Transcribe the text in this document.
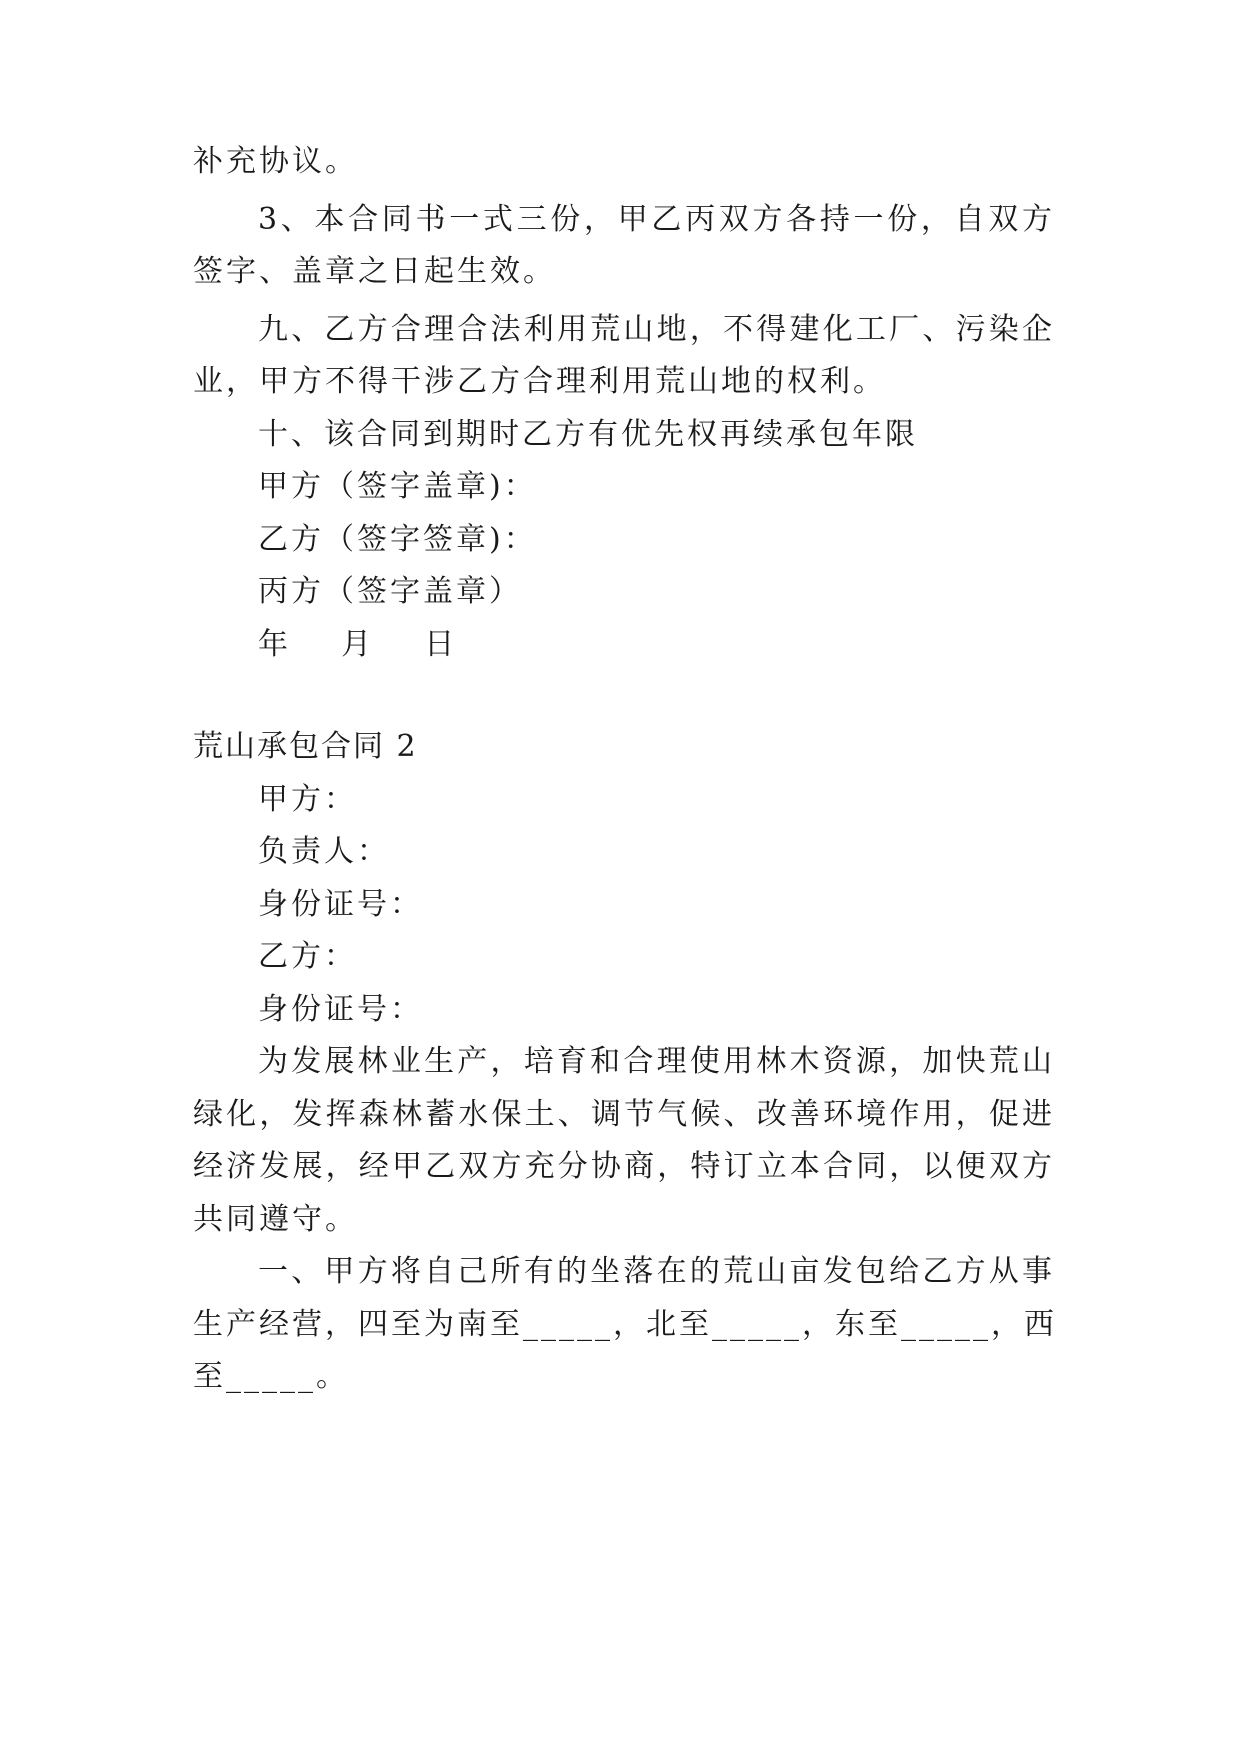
补充协议。
3、本合同书一式三份，甲乙丙双方各持一份，自双方
签字、盖章之日起生效。
九、乙方合理合法利用荒山地，不得建化工厂、污染企
业，甲方不得干涉乙方合理利用荒山地的权利。
十、该合同到期时乙方有优先权再续承包年限
甲方（签字盖章)：
乙方（签字签章)：
丙方（签字盖章）
年    月    日
荒山承包合同 2
甲方：
负责人：
身份证号：
乙方：
身份证号：
为发展林业生产，培育和合理使用林木资源，加快荒山
绿化，发挥森林蓄水保土、调节气候、改善环境作用，促进
经济发展，经甲乙双方充分协商，特订立本合同，以便双方
共同遵守。
一、甲方将自己所有的坐落在的荒山亩发包给乙方从事
生产经营，四至为南至_____，北至_____，东至_____，西
至_____。
